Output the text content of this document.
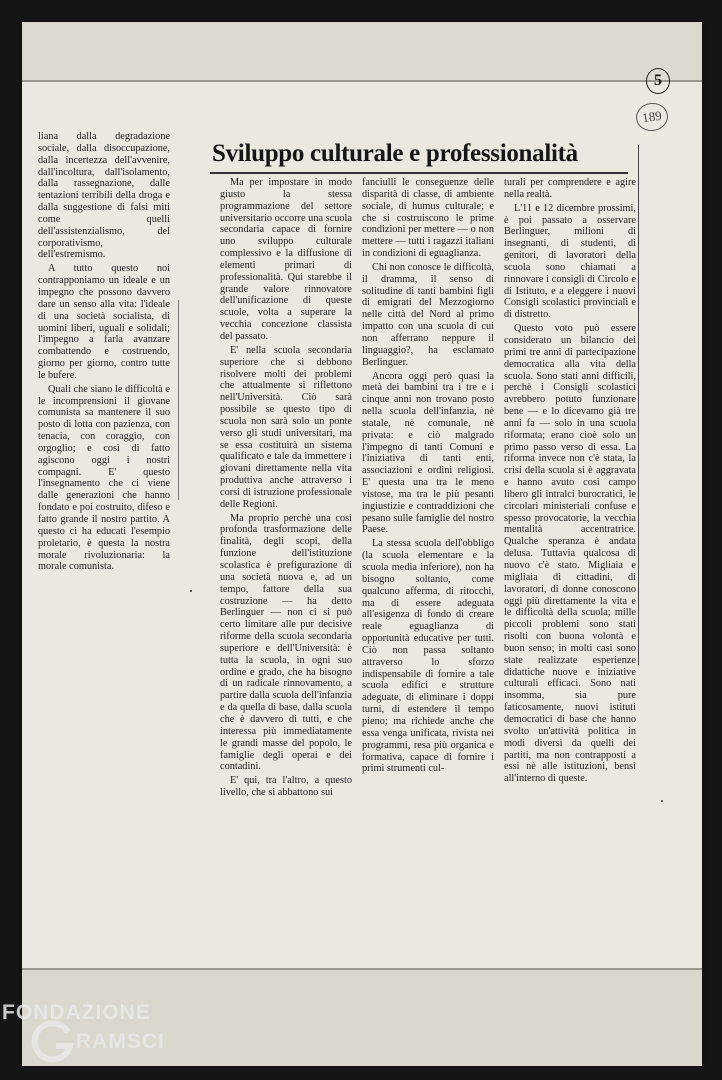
5
189
Sviluppo culturale e professionalità

liana dalla degradazione sociale, dalla disoccupazione, dalla incertezza dell'avvenire, dall'incoltura, dall'isolamento, dalla rassegnazione, dalle tentazioni terribili della droga e dalla suggestione di falsi miti come quelli dell'assistenzialismo, del corporativismo, dell'estremismo.

A tutto questo noi contrapponiamo un ideale e un impegno che possono davvero dare un senso alla vita: l'ideale di una società socialista, di uomini liberi, uguali e solidali; l'impegno a farla avanzare combattendo e costruendo, giorno per giorno, contro tutte le bufere.

Quali che siano le difficoltà e le incomprensioni il giovane comunista sa mantenere il suo posto di lotta con pazienza, con tenacia, con coraggio, con orgoglio; e così di fatto agiscono oggi i nostri compagni. E' questo l'insegnamento che ci viene dalle generazioni che hanno fondato e poi costruito, difeso e fatto grande il nostro partito. A questo ci ha educati l'esempio proletario, è questa la nostra morale rivoluzionaria: la morale comunista.

Ma per impostare in modo giusto la stessa programmazione del settore universitario occorre una scuola secondaria capace di fornire uno sviluppo culturale complessivo e la diffusione di elementi primari di professionalità. Qui starebbe il grande valore rinnovatore dell'unificazione di queste scuole, volta a superare la vecchia concezione classista del passato.

E' nella scuola secondaria superiore che si debbono risolvere molti dei problemi che attualmente si riflettono nell'Università. Ciò sarà possibile se questo tipo di scuola non sarà solo un ponte verso gli studi universitari, ma se essa costituirà un sistema qualificato e tale da immettere i giovani direttamente nella vita produttiva anche attraverso i corsi di istruzione professionale delle Regioni.

Ma proprio perchè una così profonda trasformazione delle finalità, degli scopi, della funzione dell'istituzione scolastica è prefigurazione di una società nuova e, ad un tempo, fattore della sua costruzione — ha detto Berlinguer — non ci si può certo limitare alle pur decisive riforme della scuola secondaria superiore e dell'Università: è tutta la scuola, in ogni suo ordine e grado, che ha bisogno di un radicale rinnovamento, a partire dalla scuola dell'infanzia e da quella di base, dalla scuola che è davvero di tutti, e che interessa più immediatamente le grandi masse del popolo, le famiglie degli operai e dei contadini.

E' qui, tra l'altro, a questo livello, che si abbattono sui

fanciulli le conseguenze delle disparità di classe, di ambiente sociale, di humus culturale; e che si costruiscono le prime condizioni per mettere — o non mettere — tutti i ragazzi italiani in condizioni di eguaglianza.

Chi non conosce le difficoltà, il dramma, il senso di solitudine di tanti bambini figli di emigrati del Mezzogiorno nelle città del Nord al primo impatto con una scuola di cui non afferrano neppure il linguaggio?, ha esclamato Berlinguer.

Ancora oggi però quasi la metà dei bambini tra i tre e i cinque anni non trovano posto nella scuola dell'infanzia, nè statale, nè comunale, nè privata: e ciò malgrado l'impegno di tanti Comuni e l'iniziativa di tanti enti, associazioni e ordini religiosi. E' questa una tra le meno vistose, ma tra le più pesanti ingiustizie e contraddizioni che pesano sulle famiglie del nostro Paese.

La stessa scuola dell'obbligo (la scuola elementare e la scuola media inferiore), non ha bisogno soltanto, come qualcuno afferma, di ritocchi, ma di essere adeguata all'esigenza di fondo di creare reale eguaglianza di opportunità educative per tutti. Ciò non passa soltanto attraverso lo sforzo indispensabile di fornire a tale scuola edifici e strutture adeguate, di eliminare i doppi turni, di estendere il tempo pieno; ma richiede anche che essa venga unificata, rivista nei programmi, resa più organica e formativa, capace di fornire i primi strumenti cul-

turali per comprendere e agire nella realtà.

L'11 e 12 dicembre prossimi, è poi passato a osservare Berlinguer, milioni di insegnanti, di studenti, di genitori, di lavoratori della scuola sono chiamati a rinnovare i consigli di Circolo e di Istituto, e a eleggere i nuovi Consigli scolastici provinciali e di distretto.

Questo voto può essere considerato un bilancio dei primi tre anni di partecipazione democratica alla vita della scuola. Sono stati anni difficili, perchè i Consigli scolastici avrebbero potuto funzionare bene — e lo dicevamo già tre anni fa — solo in una scuola riformata; erano cioè solo un primo passo verso di essa. La riforma invece non c'è stata, la crisi della scuola si è aggravata e hanno avuto così campo libero gli intralci burocratici, le circolari ministeriali confuse e spesso provocatorie, la vecchia mentalità accentratrice. Qualche speranza è andata delusa. Tuttavia qualcosa di nuovo c'è stato. Migliaia e migliaia di cittadini, di lavoratori, di donne conoscono oggi più direttamente la vita e le difficoltà della scuola; mille piccoli problemi sono stati risolti con buona volontà e buon senso; in molti casi sono state realizzate esperienze didattiche nuove e iniziative culturali efficaci. Sono nati insomma, sia pure faticosamente, nuovi istituti democratici di base che hanno svolto un'attività politica in modi diversi da quelli dei partiti, ma non contrapposti a essi nè alle istituzioni, bensì all'interno di queste.

FONDAZIONE
RAMSCI
